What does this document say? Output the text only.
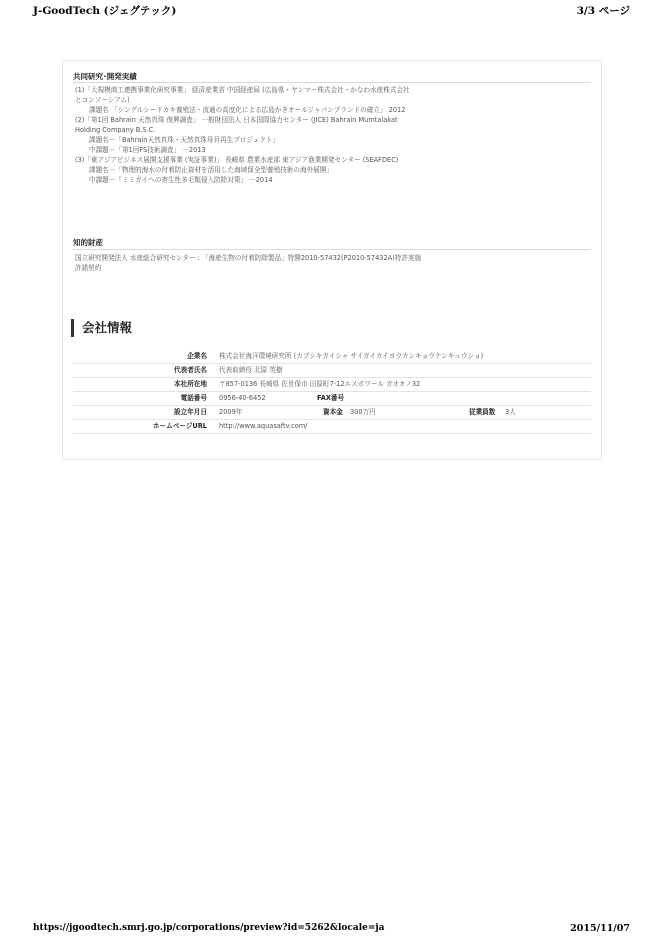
J-GoodTech (ジェグテック)	3/3 ページ
共同研究･開発実績
(1)「大規模商工連携事業化研究事業」 経済産業省 中国経産局 (広島県・ヤンマー株式会社・かなわ水産株式会社
とコンソーシアム)
課題名 「シングルシードカキ養殖法・流通の高度化による広島かきオールジャパンブランドの確立」 2012
(2)「第1回 Bahrain 天然真珠 復興調査」 一般財団法人 日本国際協力センター (JICE) Bahrain Mumtalakat
Holding Company B.S.C.
課題名－「Bahrain天然真珠・天然真珠母貝再生プロジェクト」
中課題－「第1回FS技術調査」 －2013
(3)「東アジアビジネス展開支援事業 (実証事業)」 長崎県 農業水産部 東アジア漁業開発センター (SEAFDEC)
課題名－「物理的海水の付着防止資材を活用した海域保全型養殖技術の海外展開」
中課題－「ミミガイへの寄生性多毛類侵入防除対策」 －2014
知的財産
国立研究開発法人 水産総合研究センター : 「海産生物の付着防除製品」特開2010-57432(P2010-57432A)特許実施
許諾契約
会社情報
企業名 株式会社海洋環境研究所 (カブシキガイシャ サイガイカイヨウカンキョウケンキュウショ)
代表者氏名 代表取締役 北原 英樹
本社所在地 〒857-0136 長崎県 佐世保市 田原町7-12エスポワール ガオオノ32
電話番号 0956-40-6452	FAX番号
設立年月日 2009年	資本金 300万円	従業員数 3人
ホームページURL http://www.aquasaftv.com/
https://jgoodtech.smrj.go.jp/corporations/preview?id=5262&locale=ja	2015/11/07
